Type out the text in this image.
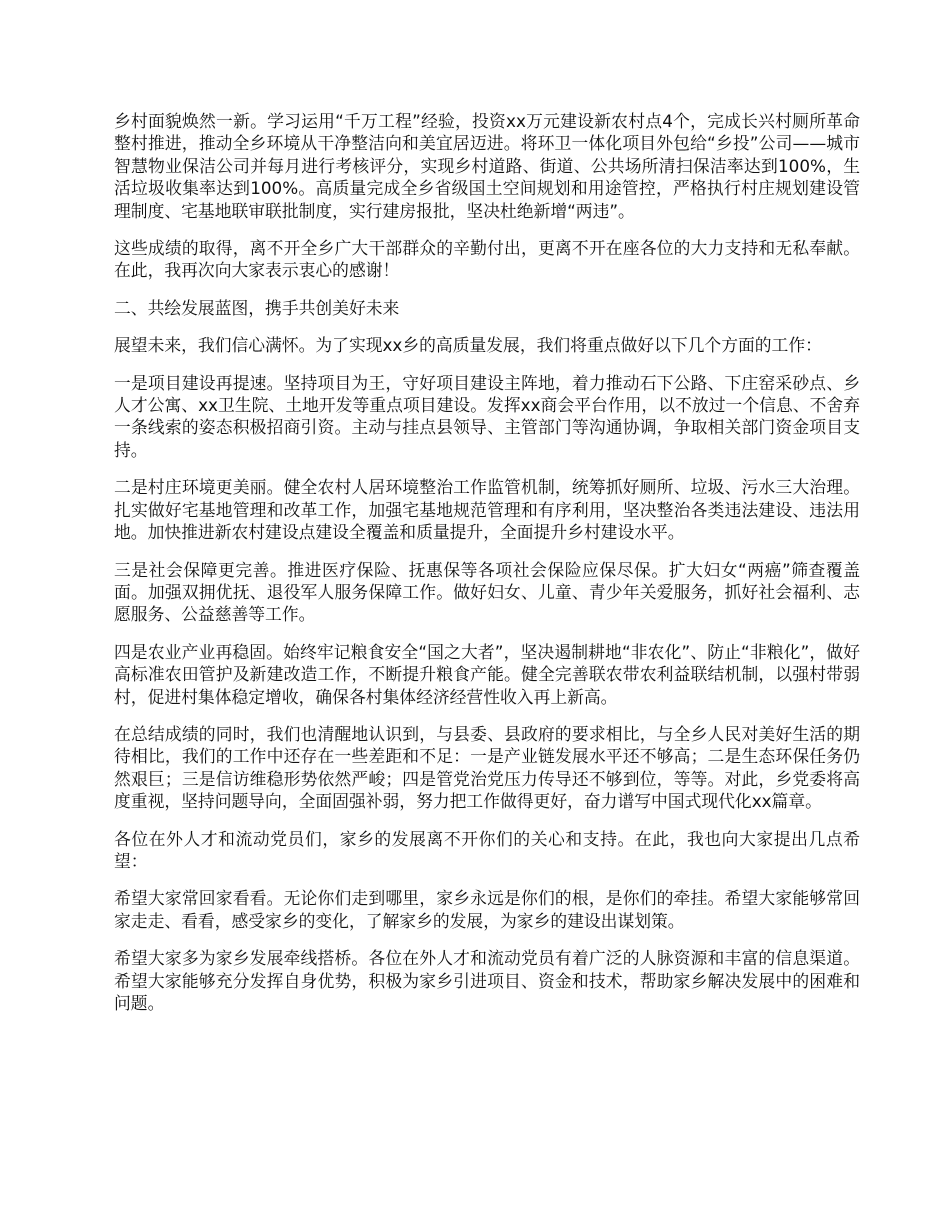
乡村面貌焕然一新。学习运用“千万工程”经验，投资xx万元建设新农村点4个，完成长兴村厕所革命整村推进，推动全乡环境从干净整洁向和美宜居迈进。将环卫一体化项目外包给“乡投”公司——城市智慧物业保洁公司并每月进行考核评分，实现乡村道路、街道、公共场所清扫保洁率达到100%，生活垃圾收集率达到100%。高质量完成全乡省级国土空间规划和用途管控，严格执行村庄规划建设管理制度、宅基地联审联批制度，实行建房报批，坚决杜绝新增“两违”。

这些成绩的取得，离不开全乡广大干部群众的辛勤付出，更离不开在座各位的大力支持和无私奉献。在此，我再次向大家表示衷心的感谢！

二、共绘发展蓝图，携手共创美好未来

展望未来，我们信心满怀。为了实现xx乡的高质量发展，我们将重点做好以下几个方面的工作：

一是项目建设再提速。坚持项目为王，守好项目建设主阵地，着力推动石下公路、下庄窑采砂点、乡人才公寓、xx卫生院、土地开发等重点项目建设。发挥xx商会平台作用，以不放过一个信息、不舍弃一条线索的姿态积极招商引资。主动与挂点县领导、主管部门等沟通协调，争取相关部门资金项目支持。

二是村庄环境更美丽。健全农村人居环境整治工作监管机制，统筹抓好厕所、垃圾、污水三大治理。扎实做好宅基地管理和改革工作，加强宅基地规范管理和有序利用，坚决整治各类违法建设、违法用地。加快推进新农村建设点建设全覆盖和质量提升，全面提升乡村建设水平。

三是社会保障更完善。推进医疗保险、抚惠保等各项社会保险应保尽保。扩大妇女“两癌”筛查覆盖面。加强双拥优抚、退役军人服务保障工作。做好妇女、儿童、青少年关爱服务，抓好社会福利、志愿服务、公益慈善等工作。

四是农业产业再稳固。始终牢记粮食安全“国之大者”，坚决遏制耕地“非农化”、防止“非粮化”，做好高标准农田管护及新建改造工作，不断提升粮食产能。健全完善联农带农利益联结机制，以强村带弱村，促进村集体稳定增收，确保各村集体经济经营性收入再上新高。

在总结成绩的同时，我们也清醒地认识到，与县委、县政府的要求相比，与全乡人民对美好生活的期待相比，我们的工作中还存在一些差距和不足：一是产业链发展水平还不够高；二是生态环保任务仍然艰巨；三是信访维稳形势依然严峻；四是管党治党压力传导还不够到位，等等。对此，乡党委将高度重视，坚持问题导向，全面固强补弱，努力把工作做得更好，奋力谱写中国式现代化xx篇章。

各位在外人才和流动党员们，家乡的发展离不开你们的关心和支持。在此，我也向大家提出几点希望：

希望大家常回家看看。无论你们走到哪里，家乡永远是你们的根，是你们的牵挂。希望大家能够常回家走走、看看，感受家乡的变化，了解家乡的发展，为家乡的建设出谋划策。

希望大家多为家乡发展牵线搭桥。各位在外人才和流动党员有着广泛的人脉资源和丰富的信息渠道。希望大家能够充分发挥自身优势，积极为家乡引进项目、资金和技术，帮助家乡解决发展中的困难和问题。
